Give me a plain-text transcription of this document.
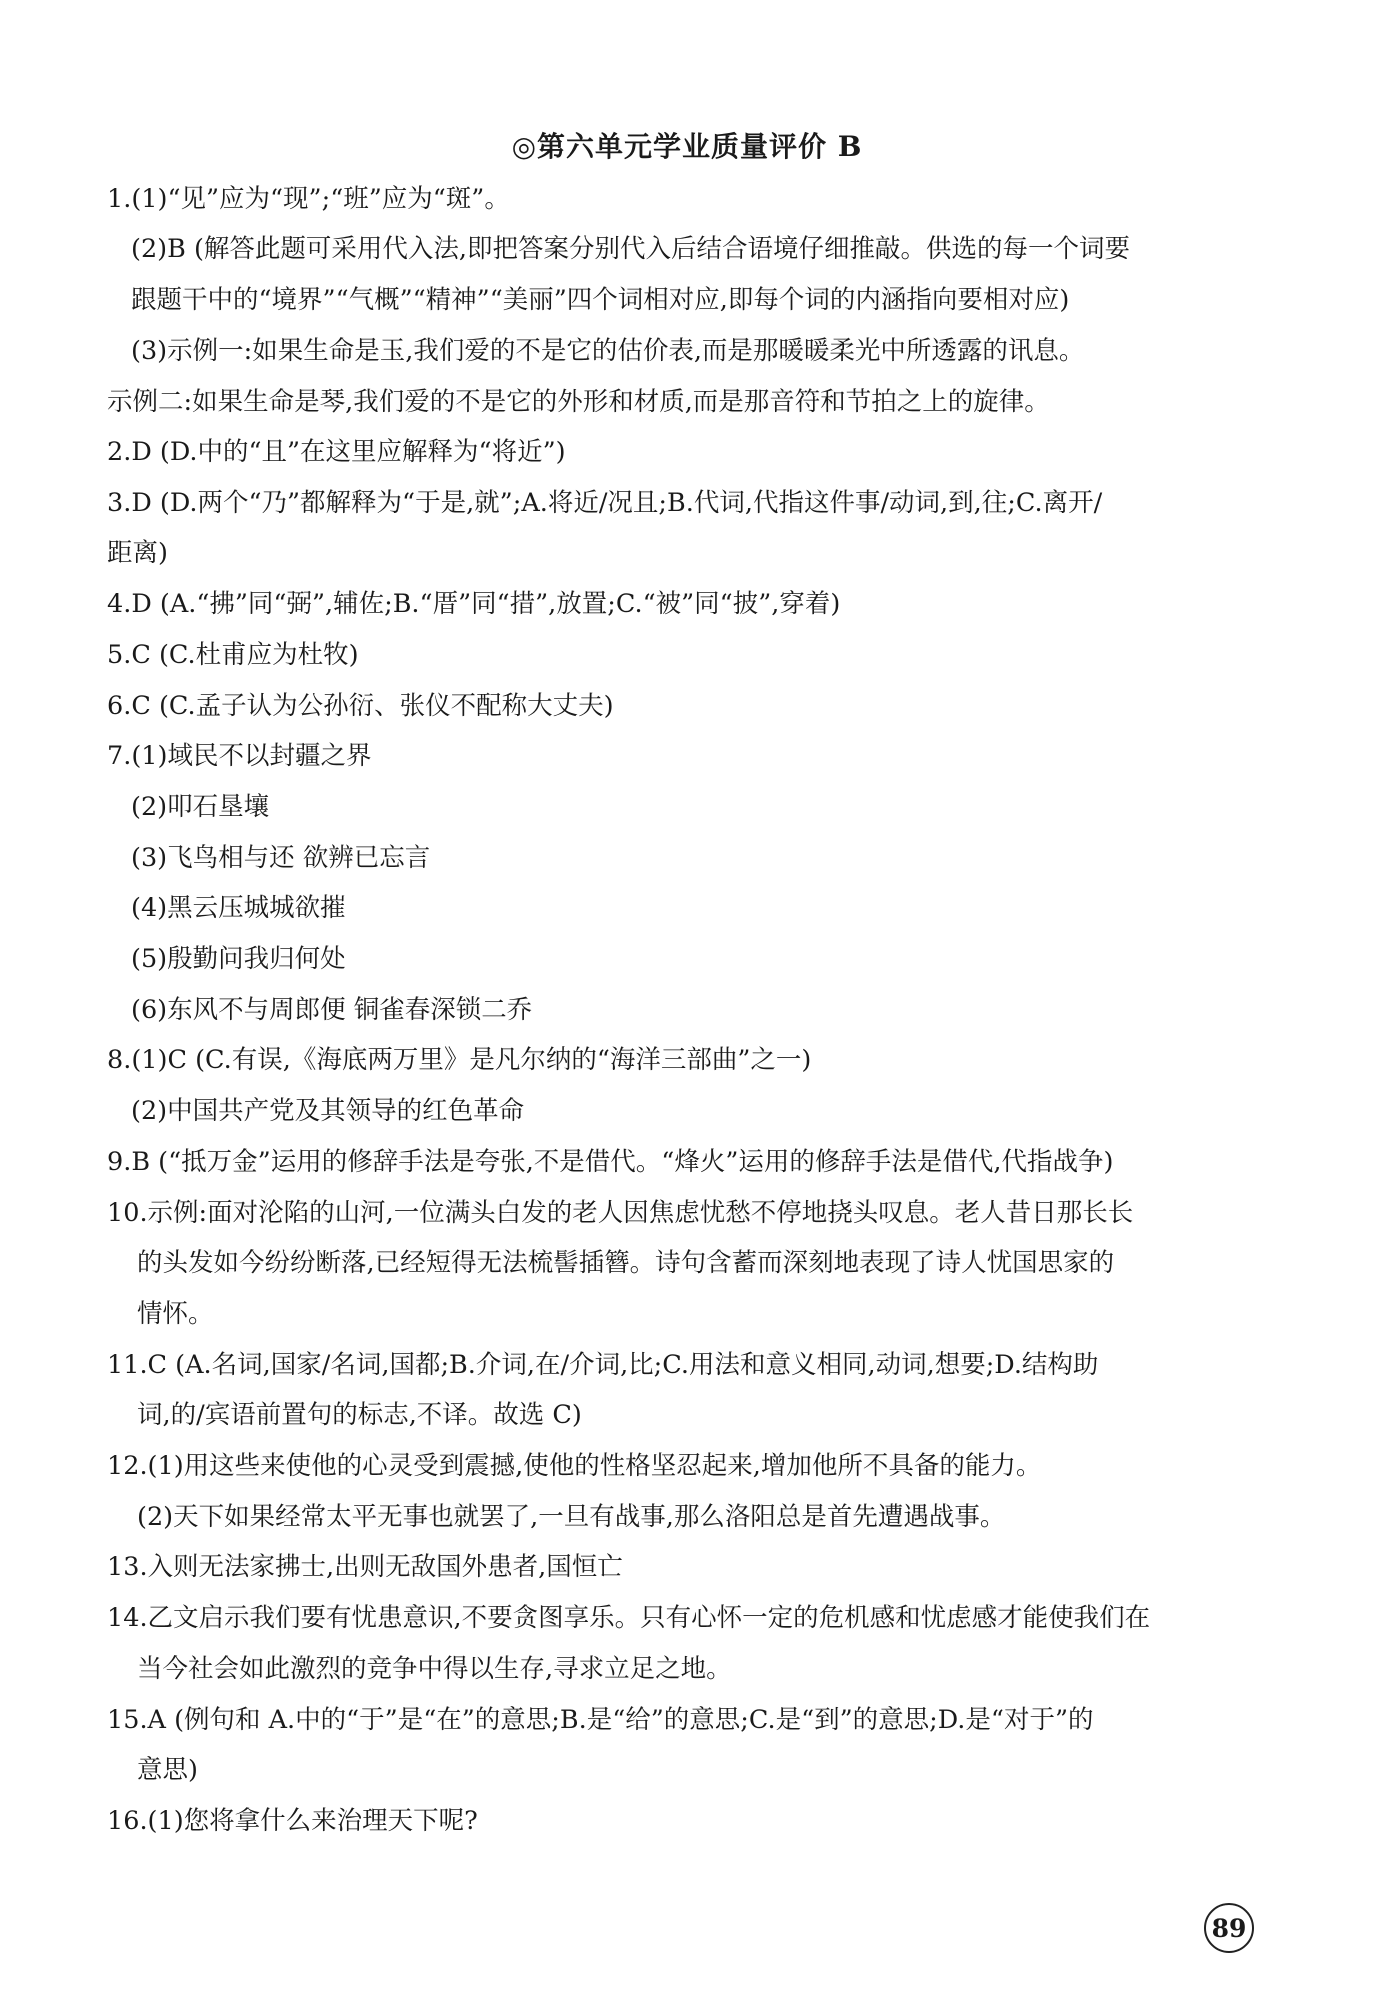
◎第六单元学业质量评价 B
1.(1)“见”应为“现”;“班”应为“斑”。
(2)B (解答此题可采用代入法,即把答案分别代入后结合语境仔细推敲。供选的每一个词要
跟题干中的“境界”“气概”“精神”“美丽”四个词相对应,即每个词的内涵指向要相对应)
(3)示例一:如果生命是玉,我们爱的不是它的估价表,而是那暖暖柔光中所透露的讯息。
示例二:如果生命是琴,我们爱的不是它的外形和材质,而是那音符和节拍之上的旋律。
2.D (D.中的“且”在这里应解释为“将近”)
3.D (D.两个“乃”都解释为“于是,就”;A.将近/况且;B.代词,代指这件事/动词,到,往;C.离开/
距离)
4.D (A.“拂”同“弼”,辅佐;B.“厝”同“措”,放置;C.“被”同“披”,穿着)
5.C (C.杜甫应为杜牧)
6.C (C.孟子认为公孙衍、张仪不配称大丈夫)
7.(1)域民不以封疆之界
(2)叩石垦壤
(3)飞鸟相与还 欲辨已忘言
(4)黑云压城城欲摧
(5)殷勤问我归何处
(6)东风不与周郎便 铜雀春深锁二乔
8.(1)C (C.有误,《海底两万里》是凡尔纳的“海洋三部曲”之一)
(2)中国共产党及其领导的红色革命
9.B (“抵万金”运用的修辞手法是夸张,不是借代。“烽火”运用的修辞手法是借代,代指战争)
10.示例:面对沦陷的山河,一位满头白发的老人因焦虑忧愁不停地挠头叹息。老人昔日那长长
的头发如今纷纷断落,已经短得无法梳髻插簪。诗句含蓄而深刻地表现了诗人忧国思家的
情怀。
11.C (A.名词,国家/名词,国都;B.介词,在/介词,比;C.用法和意义相同,动词,想要;D.结构助
词,的/宾语前置句的标志,不译。故选 C)
12.(1)用这些来使他的心灵受到震撼,使他的性格坚忍起来,增加他所不具备的能力。
(2)天下如果经常太平无事也就罢了,一旦有战事,那么洛阳总是首先遭遇战事。
13.入则无法家拂士,出则无敌国外患者,国恒亡
14.乙文启示我们要有忧患意识,不要贪图享乐。只有心怀一定的危机感和忧虑感才能使我们在
当今社会如此激烈的竞争中得以生存,寻求立足之地。
15.A (例句和 A.中的“于”是“在”的意思;B.是“给”的意思;C.是“到”的意思;D.是“对于”的
意思)
16.(1)您将拿什么来治理天下呢?
89
